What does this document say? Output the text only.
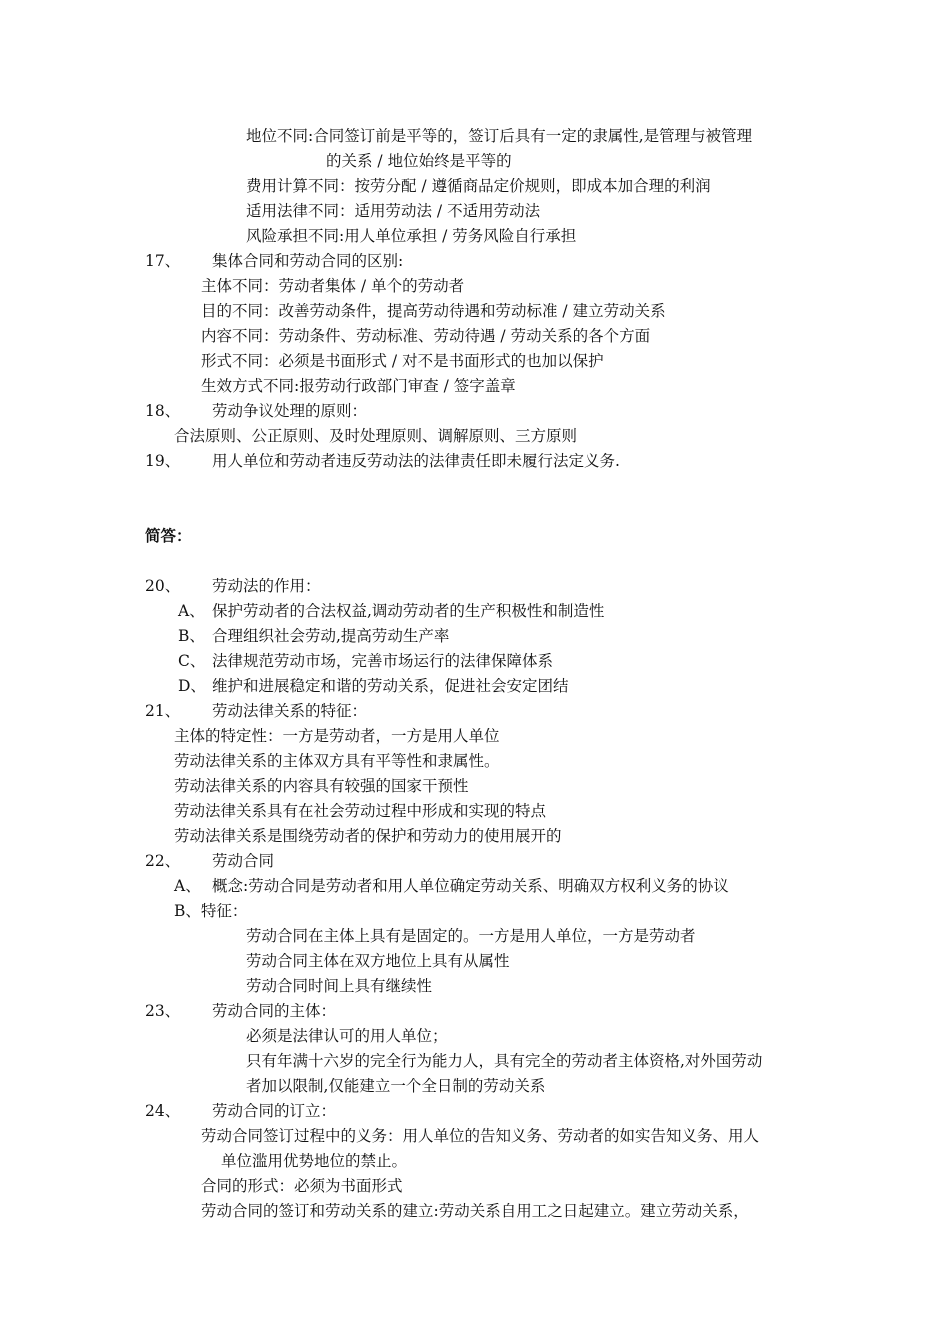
地位不同:合同签订前是平等的，签订后具有一定的隶属性,是管理与被管理
的关系 / 地位始终是平等的
费用计算不同：按劳分配 / 遵循商品定价规则，即成本加合理的利润
适用法律不同：适用劳动法 / 不适用劳动法
风险承担不同:用人单位承担 / 劳务风险自行承担
17、 集体合同和劳动合同的区别:
主体不同：劳动者集体 / 单个的劳动者
目的不同：改善劳动条件，提高劳动待遇和劳动标准 / 建立劳动关系
内容不同：劳动条件、劳动标准、劳动待遇 / 劳动关系的各个方面
形式不同：必须是书面形式 / 对不是书面形式的也加以保护
生效方式不同:报劳动行政部门审查 / 签字盖章
18、 劳动争议处理的原则：
合法原则、公正原则、及时处理原则、调解原则、三方原则
19、 用人单位和劳动者违反劳动法的法律责任即未履行法定义务.
简答：
20、 劳动法的作用：
A、 保护劳动者的合法权益,调动劳动者的生产积极性和制造性
B、 合理组织社会劳动,提高劳动生产率
C、 法律规范劳动市场，完善市场运行的法律保障体系
D、 维护和进展稳定和谐的劳动关系，促进社会安定团结
21、 劳动法律关系的特征：
主体的特定性：一方是劳动者，一方是用人单位
劳动法律关系的主体双方具有平等性和隶属性。
劳动法律关系的内容具有较强的国家干预性
劳动法律关系具有在社会劳动过程中形成和实现的特点
劳动法律关系是围绕劳动者的保护和劳动力的使用展开的
22、 劳动合同
A、 概念:劳动合同是劳动者和用人单位确定劳动关系、明确双方权利义务的协议
B、特征：
劳动合同在主体上具有是固定的。一方是用人单位，一方是劳动者
劳动合同主体在双方地位上具有从属性
劳动合同时间上具有继续性
23、 劳动合同的主体：
必须是法律认可的用人单位；
只有年满十六岁的完全行为能力人，具有完全的劳动者主体资格,对外国劳动
者加以限制,仅能建立一个全日制的劳动关系
24、 劳动合同的订立：
劳动合同签订过程中的义务：用人单位的告知义务、劳动者的如实告知义务、用人
单位滥用优势地位的禁止。
合同的形式：必须为书面形式
劳动合同的签订和劳动关系的建立:劳动关系自用工之日起建立。建立劳动关系，
